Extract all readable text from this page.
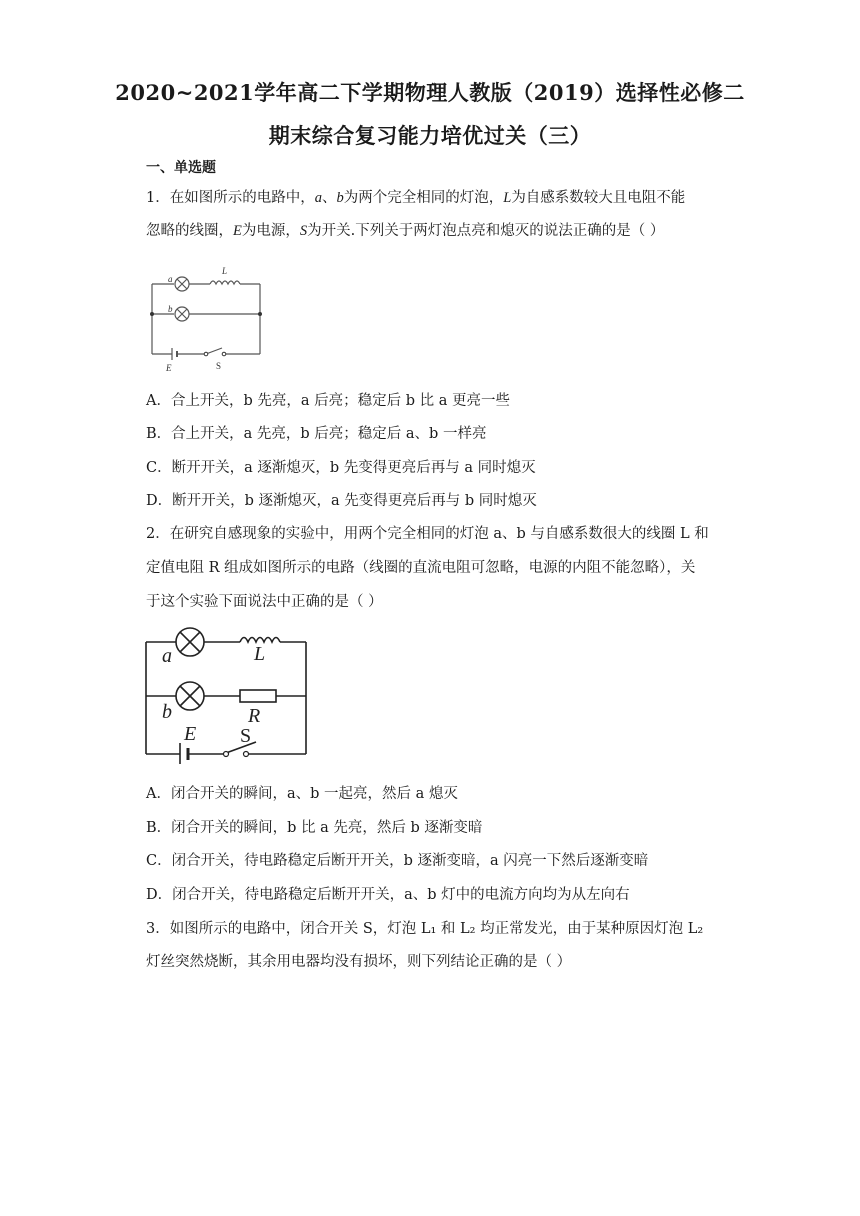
2020~2021学年高二下学期物理人教版（2019）选择性必修二
期末综合复习能力培优过关（三）
一、单选题
1．在如图所示的电路中，a、b为两个完全相同的灯泡，L为自感系数较大且电阻不能
忽略的线圈，E为电源，S为开关.下列关于两灯泡点亮和熄灭的说法正确的是（ ）
a
b
L
E	S
A．合上开关，b 先亮，a 后亮；稳定后 b 比 a 更亮一些
B．合上开关，a 先亮，b 后亮；稳定后 a、b 一样亮
C．断开开关，a 逐渐熄灭，b 先变得更亮后再与 a 同时熄灭
D．断开开关，b 逐渐熄灭，a 先变得更亮后再与 b 同时熄灭
2．在研究自感现象的实验中，用两个完全相同的灯泡 a、b 与自感系数很大的线圈 L 和
定值电阻 R 组成如图所示的电路（线圈的直流电阻可忽略，电源的内阻不能忽略），关
于这个实验下面说法中正确的是（ ）
a
b
L
R
E S
A．闭合开关的瞬间，a、b 一起亮，然后 a 熄灭
B．闭合开关的瞬间，b 比 a 先亮，然后 b 逐渐变暗
C．闭合开关，待电路稳定后断开开关，b 逐渐变暗，a 闪亮一下然后逐渐变暗
D．闭合开关，待电路稳定后断开开关，a、b 灯中的电流方向均为从左向右
3．如图所示的电路中，闭合开关 S，灯泡 L₁ 和 L₂ 均正常发光，由于某种原因灯泡 L₂
灯丝突然烧断，其余用电器均没有损坏，则下列结论正确的是（ ）
